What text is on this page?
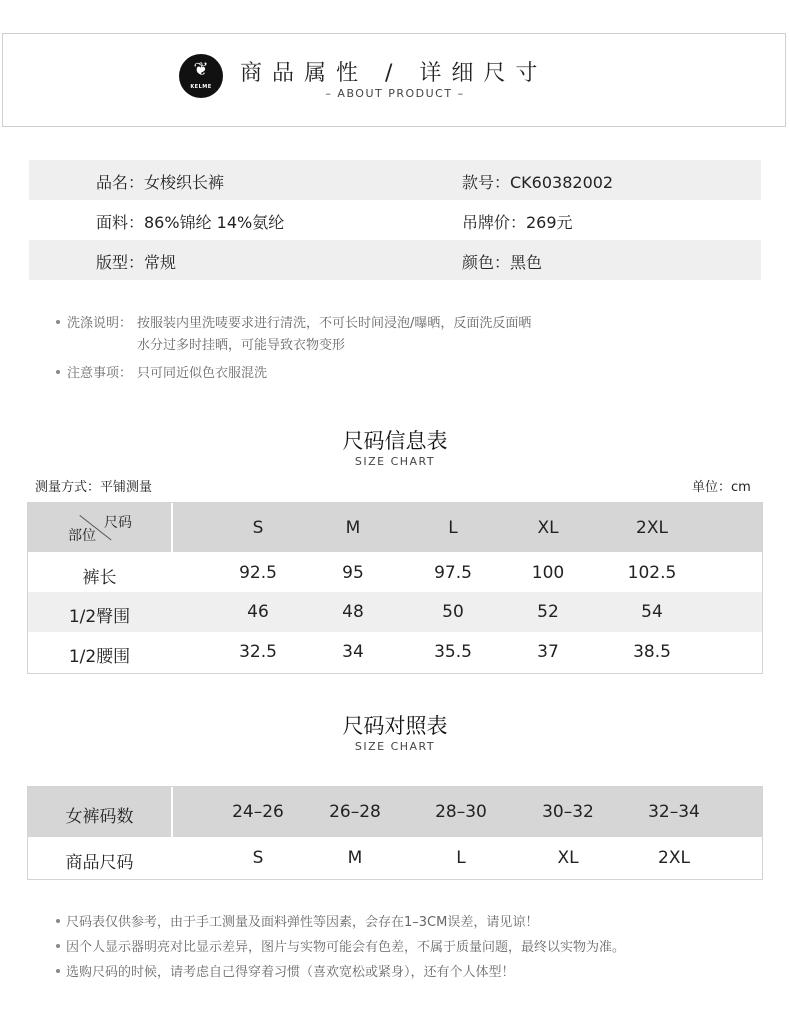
❦
KELME
商品属性 / 详细尺寸
– ABOUT PRODUCT –
品名：女梭织长裤	款号：CK60382002
面料：86%锦纶 14%氨纶	吊牌价：269元
版型：常规	颜色：黑色
洗涤说明： 按服装内里洗唛要求进行清洗，不可长时间浸泡/曝晒，反面洗反面晒
水分过多时挂晒，可能导致衣物变形
注意事项： 只可同近似色衣服混洗
尺码信息表
SIZE CHART
测量方式：平铺测量	单位：cm
部位
尺码	S	M	L	XL	2XL
裤长	92.5	95	97.5	100	102.5
1/2臀围	46	48	50	52	54
1/2腰围	32.5	34	35.5	37	38.5
尺码对照表
SIZE CHART
女裤码数	24–26	26–28	28–30	30–32	32–34
商品尺码	S	M	L	XL	2XL
尺码表仅供参考，由于手工测量及面料弹性等因素，会存在1–3CM误差，请见谅！
因个人显示器明亮对比显示差异，图片与实物可能会有色差，不属于质量问题，最终以实物为准。
选购尺码的时候，请考虑自己得穿着习惯（喜欢宽松或紧身），还有个人体型！
